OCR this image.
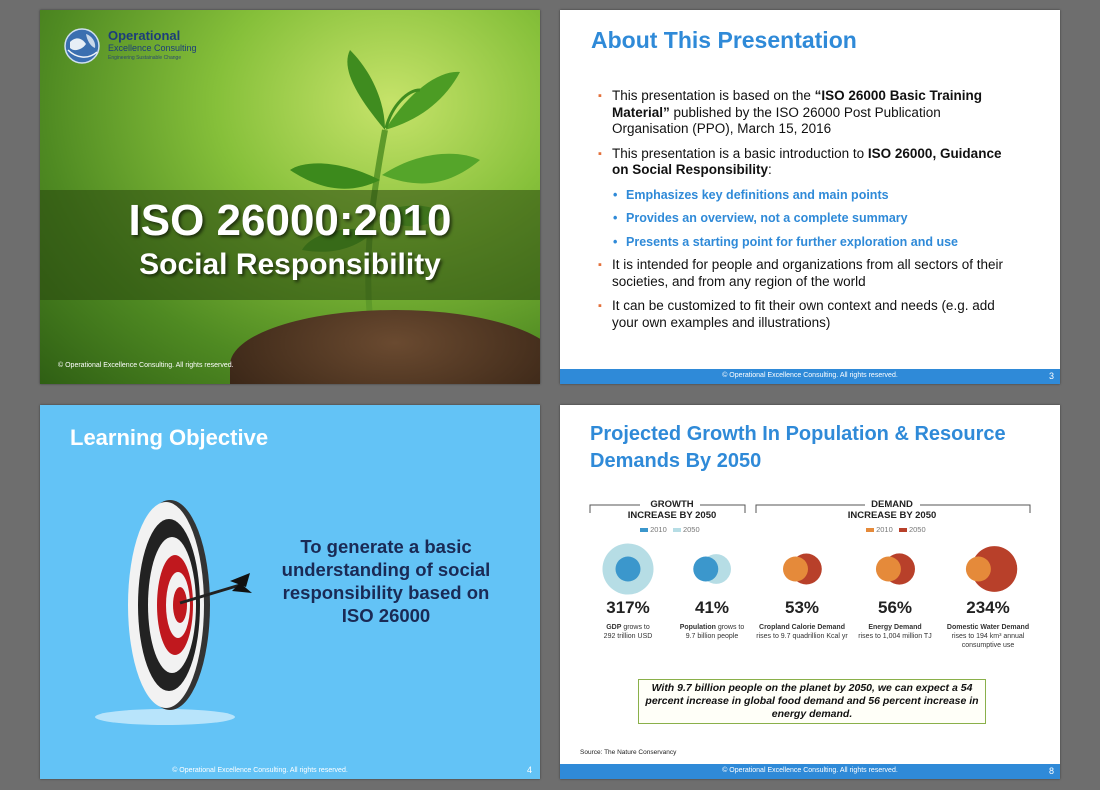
ISO 26000:2010
Social Responsibility
Operational
Excellence Consulting
Engineering Sustainable Change
© Operational Excellence Consulting. All rights reserved.
About This Presentation
▪ This presentation is based on the “ISO 26000 Basic Training Material” published by the ISO 26000 Post Publication Organisation (PPO), March 15, 2016
▪ This presentation is a basic introduction to ISO 26000, Guidance on Social Responsibility:
• Emphasizes key definitions and main points
• Provides an overview, not a complete summary
• Presents a starting point for further exploration and use
▪ It is intended for people and organizations from all sectors of their societies, and from any region of the world
▪ It can be customized to fit their own context and needs (e.g. add your own examples and illustrations)
© Operational Excellence Consulting. All rights reserved.	3
Learning Objective
To generate a basic understanding of social responsibility based on ISO 26000
© Operational Excellence Consulting. All rights reserved.	4
Projected Growth In Population & Resource Demands By 2050
GROWTH
INCREASE BY 2050
DEMAND
INCREASE BY 2050
2010 2050	2010 2050
317%
GDP grows to
292 trillion USD
41%
Population grows to
9.7 billion people
53%
Cropland Calorie Demand
rises to 9.7 quadrillion Kcal yr
56%
Energy Demand
rises to 1,004 million TJ
234%
Domestic Water Demand
rises to 194 km³ annual consumptive use
With 9.7 billion people on the planet by 2050, we can expect a 54 percent increase in global food demand and 56 percent increase in energy demand.
Source: The Nature Conservancy
© Operational Excellence Consulting. All rights reserved.	8
